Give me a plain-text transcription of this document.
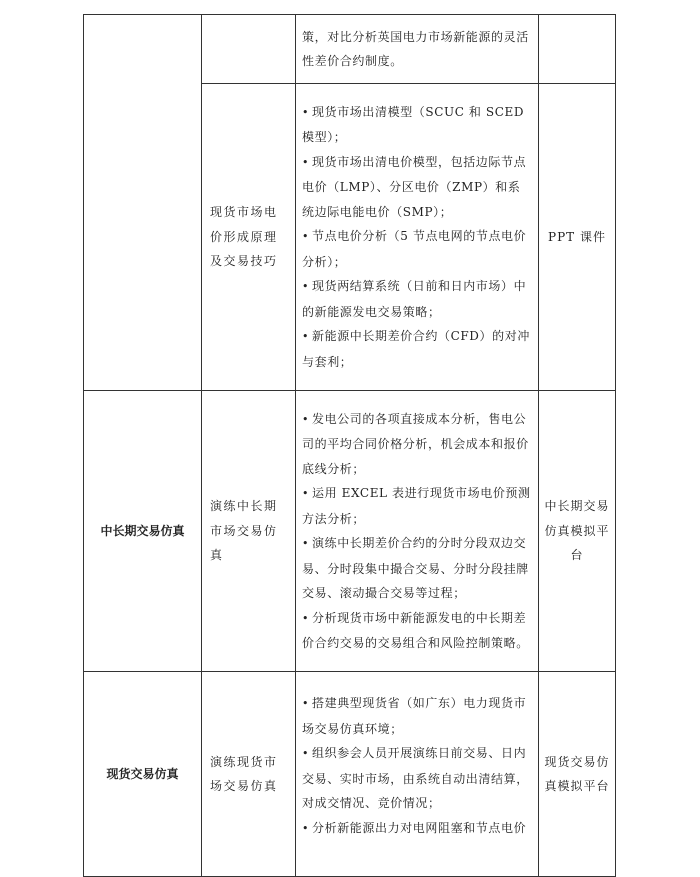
		策，对比分析英国电力市场新能源的灵活性差价合约制度。	

	现货市场电价形成原理及交易技巧	• 现货市场出清模型（SCUC 和 SCED 模型）；
• 现货市场出清电价模型，包括边际节点电价（LMP）、分区电价（ZMP）和系统边际电能电价（SMP）；
• 节点电价分析（5 节点电网的节点电价分析）；
• 现货两结算系统（日前和日内市场）中的新能源发电交易策略；
• 新能源中长期差价合约（CFD）的对冲与套利；	PPT 课件
中长期交易仿真	演练中长期市场交易仿真	• 发电公司的各项直接成本分析，售电公司的平均合同价格分析，机会成本和报价底线分析；
• 运用 EXCEL 表进行现货市场电价预测方法分析；
• 演练中长期差价合约的分时分段双边交易、分时段集中撮合交易、分时分段挂牌交易、滚动撮合交易等过程；
• 分析现货市场中新能源发电的中长期差价合约交易的交易组合和风险控制策略。	中长期交易仿真模拟平台
现货交易仿真	演练现货市场交易仿真	• 搭建典型现货省（如广东）电力现货市场交易仿真环境；
• 组织参会人员开展演练日前交易、日内交易、实时市场，由系统自动出清结算，对成交情况、竞价情况；
• 分析新能源出力对电网阻塞和节点电价	现货交易仿真模拟平台
